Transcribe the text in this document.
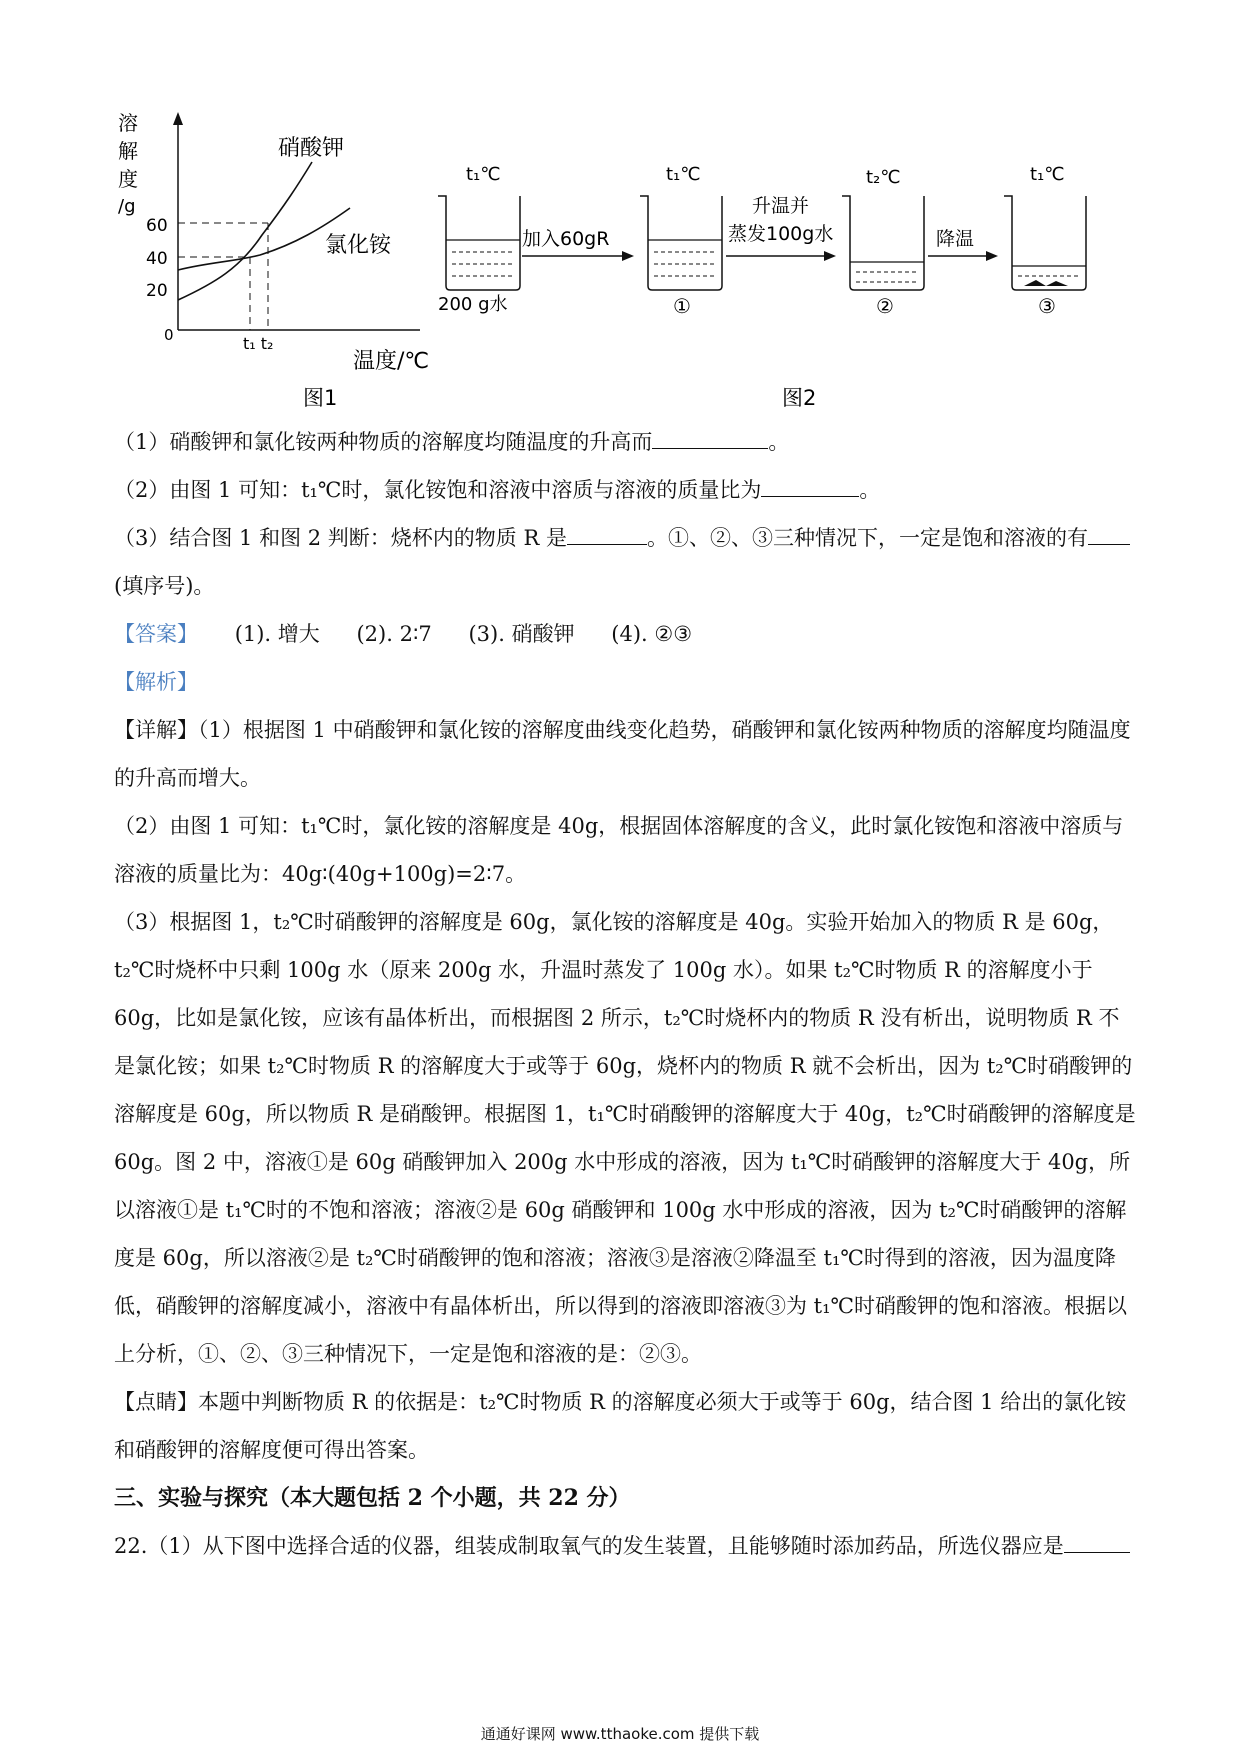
溶
解
度
/g
60
40
20
0	t₁ t₂
硝酸钾
氯化铵
温度/℃
图1
t₁℃	t₁℃	t₂℃	t₁℃
200 g水	①	②	③
加入60gR
升温并
蒸发100g水	降温
图2

（1）硝酸钾和氯化铵两种物质的溶解度均随温度的升高而	。

（2）由图 1 可知：t₁℃时，氯化铵饱和溶液中溶质与溶液的质量比为	。

（3）结合图 1 和图 2 判断：烧杯内的物质 R 是	。①、②、③三种情况下，一定是饱和溶液的有(填序号)。

【答案】 (1). 增大 (2). 2∶7 (3). 硝酸钾 (4). ②③

【解析】

【详解】（1）根据图 1 中硝酸钾和氯化铵的溶解度曲线变化趋势，硝酸钾和氯化铵两种物质的溶解度均随温度的升高而增大。

（2）由图 1 可知：t₁℃时，氯化铵的溶解度是 40g，根据固体溶解度的含义，此时氯化铵饱和溶液中溶质与溶液的质量比为：40g∶(40g+100g)=2∶7。

（3）根据图 1，t₂℃时硝酸钾的溶解度是 60g，氯化铵的溶解度是 40g。实验开始加入的物质 R 是 60g，t₂℃时烧杯中只剩 100g 水（原来 200g 水，升温时蒸发了 100g 水）。如果 t₂℃时物质 R 的溶解度小于 60g，比如是氯化铵，应该有晶体析出，而根据图 2 所示，t₂℃时烧杯内的物质 R 没有析出，说明物质 R 不是氯化铵；如果 t₂℃时物质 R 的溶解度大于或等于 60g，烧杯内的物质 R 就不会析出，因为 t₂℃时硝酸钾的溶解度是 60g，所以物质 R 是硝酸钾。根据图 1，t₁℃时硝酸钾的溶解度大于 40g，t₂℃时硝酸钾的溶解度是 60g。图 2 中，溶液①是 60g 硝酸钾加入 200g 水中形成的溶液，因为 t₁℃时硝酸钾的溶解度大于 40g，所以溶液①是 t₁℃时的不饱和溶液；溶液②是 60g 硝酸钾和 100g 水中形成的溶液，因为 t₂℃时硝酸钾的溶解度是 60g，所以溶液②是 t₂℃时硝酸钾的饱和溶液；溶液③是溶液②降温至 t₁℃时得到的溶液，因为温度降低，硝酸钾的溶解度减小，溶液中有晶体析出，所以得到的溶液即溶液③为 t₁℃时硝酸钾的饱和溶液。根据以上分析，①、②、③三种情况下，一定是饱和溶液的是：②③。

【点睛】本题中判断物质 R 的依据是：t₂℃时物质 R 的溶解度必须大于或等于 60g，结合图 1 给出的氯化铵和硝酸钾的溶解度便可得出答案。

三、实验与探究（本大题包括 2 个小题，共 22 分）

22.（1）从下图中选择合适的仪器，组装成制取氧气的发生装置，且能够随时添加药品，所选仪器应是

通通好课网 www.tthaoke.com 提供下载
